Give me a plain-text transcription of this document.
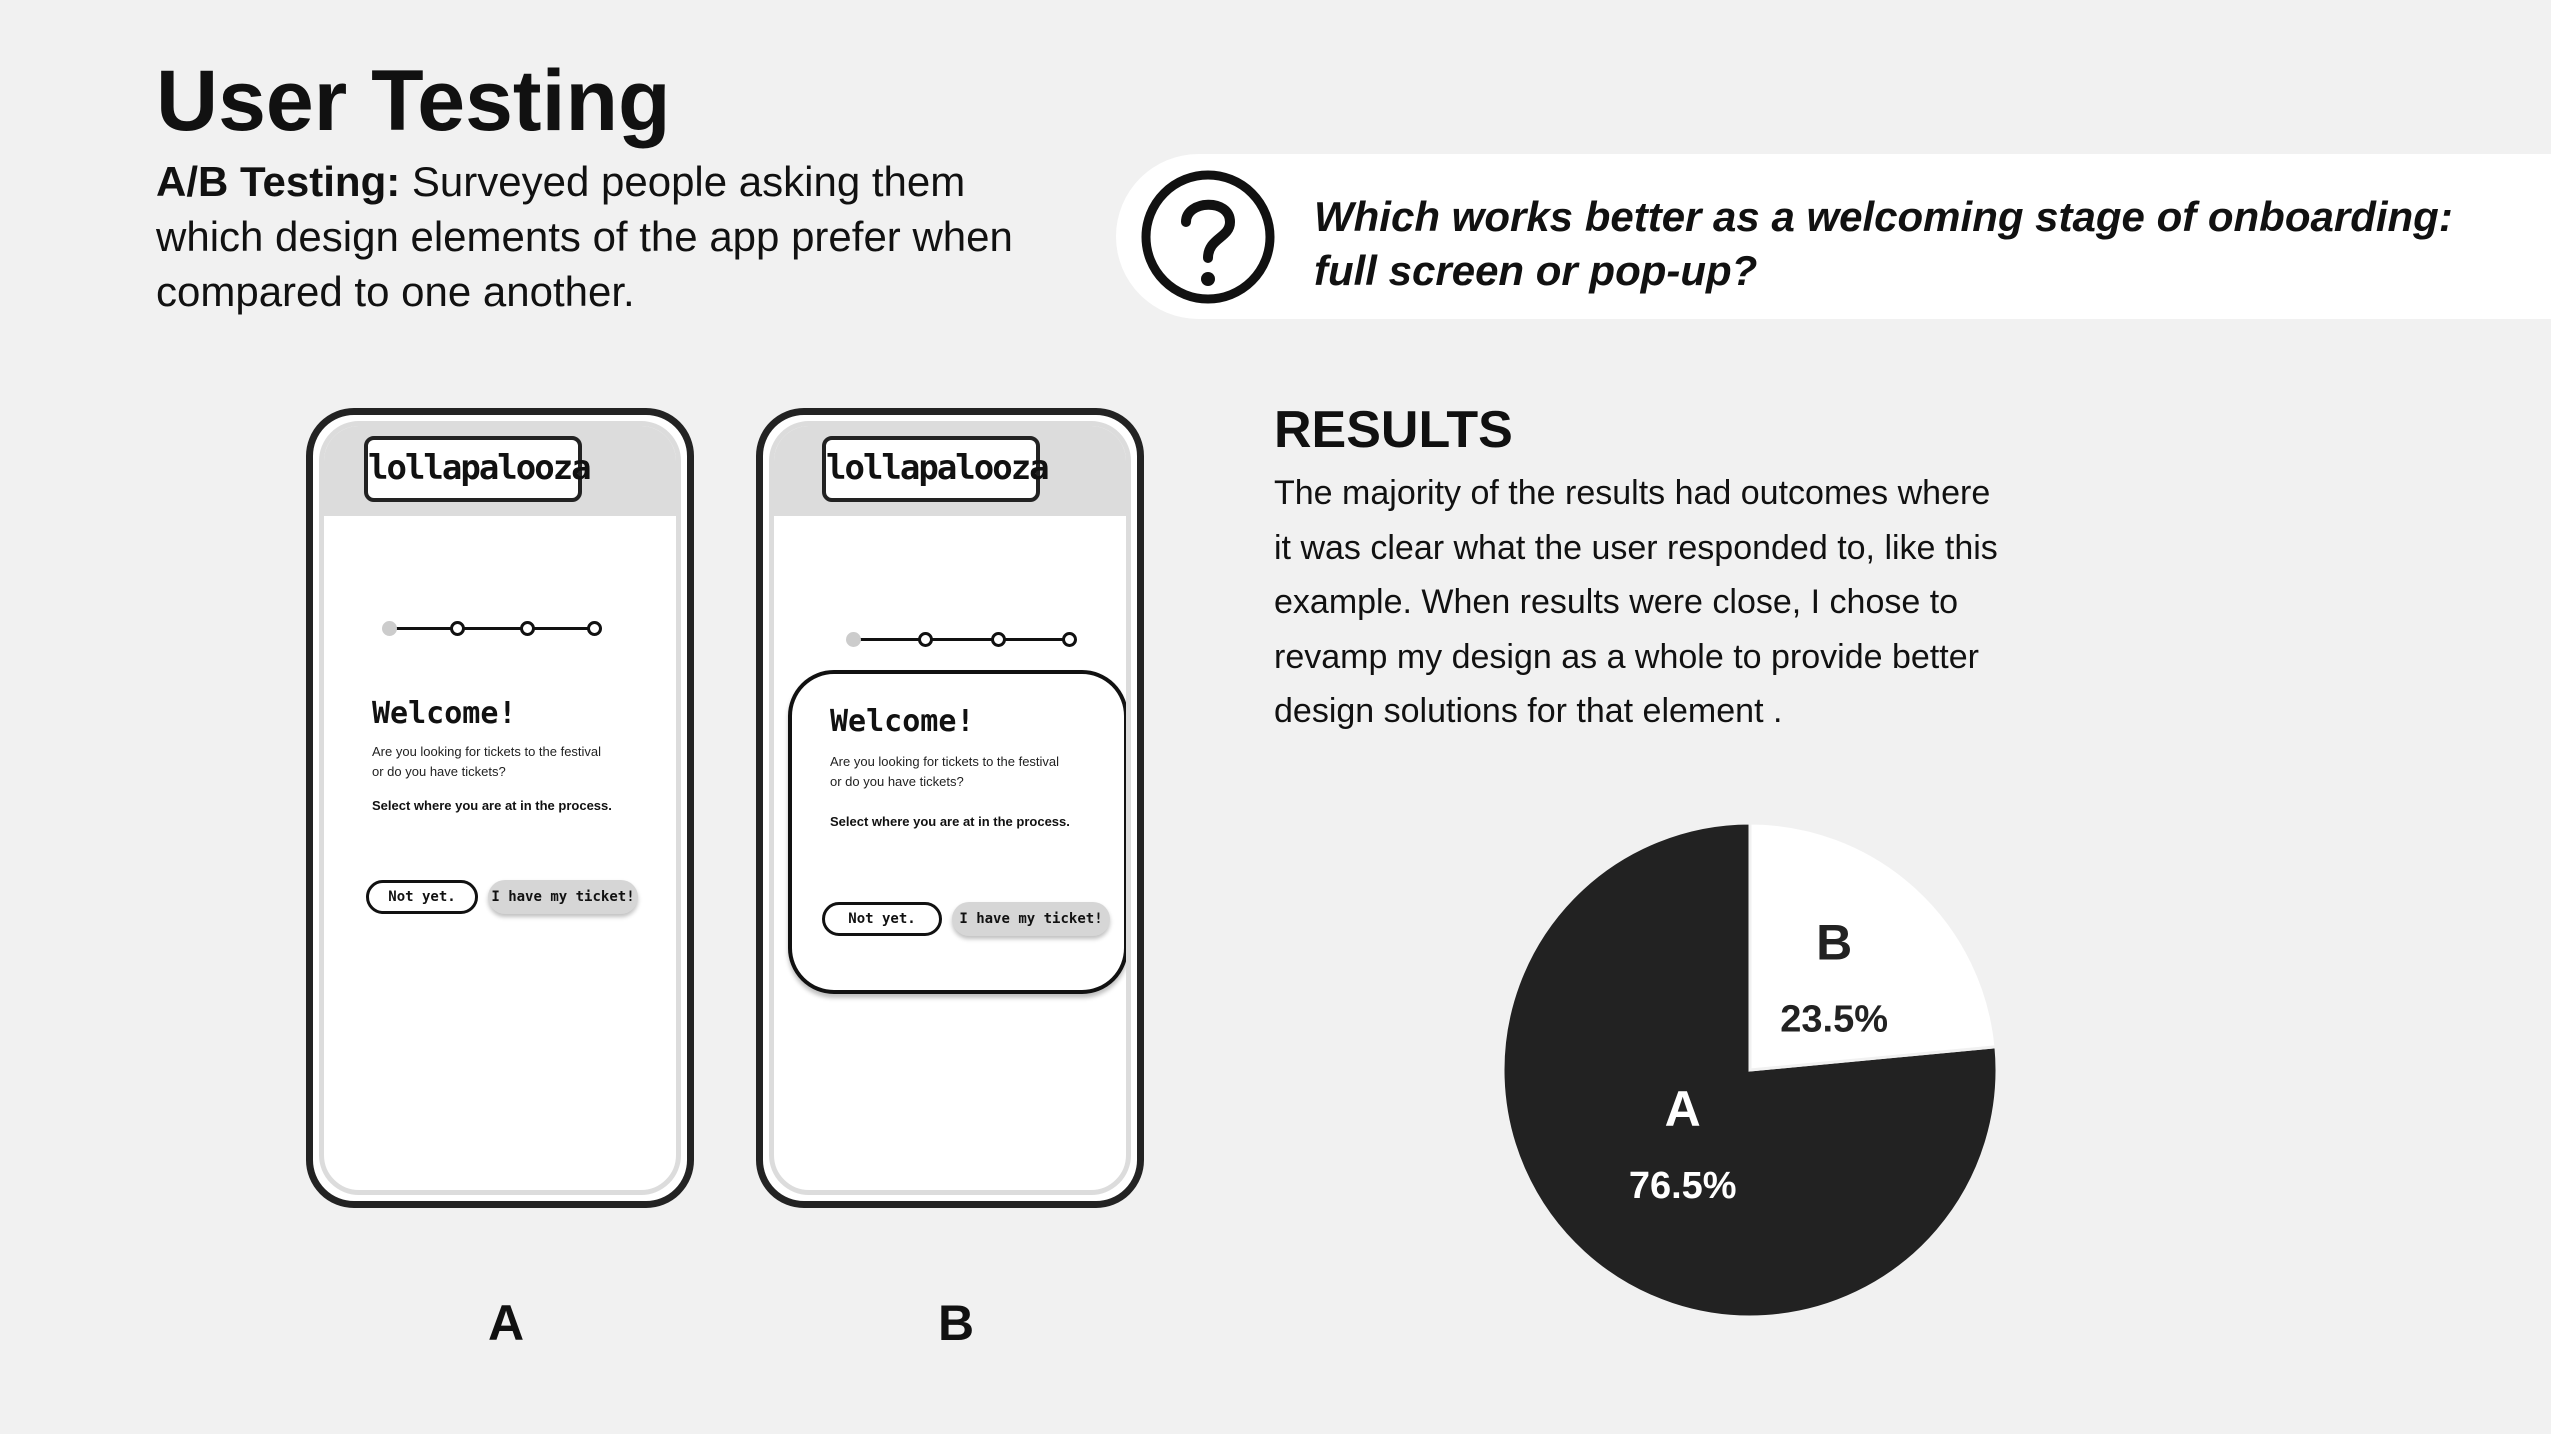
User Testing

A/B Testing: Surveyed people asking them which design elements of the app prefer when compared to one another.

Which works better as a welcoming stage of onboarding: full screen or pop-up?

lollapalooza
Welcome!
Are you looking for tickets to the festival or do you have tickets?
Select where you are at in the process.
Not yet.	I have my ticket!
A
lollapalooza
Welcome!
Are you looking for tickets to the festival or do you have tickets?
Select where you are at in the process.
Not yet.	I have my ticket!
B
RESULTS

The majority of the results had outcomes where it was clear what the user responded to, like this example. When results were close, I chose to revamp my design as a whole to provide better design solutions for that element .

A
76.5%
B
23.5%
